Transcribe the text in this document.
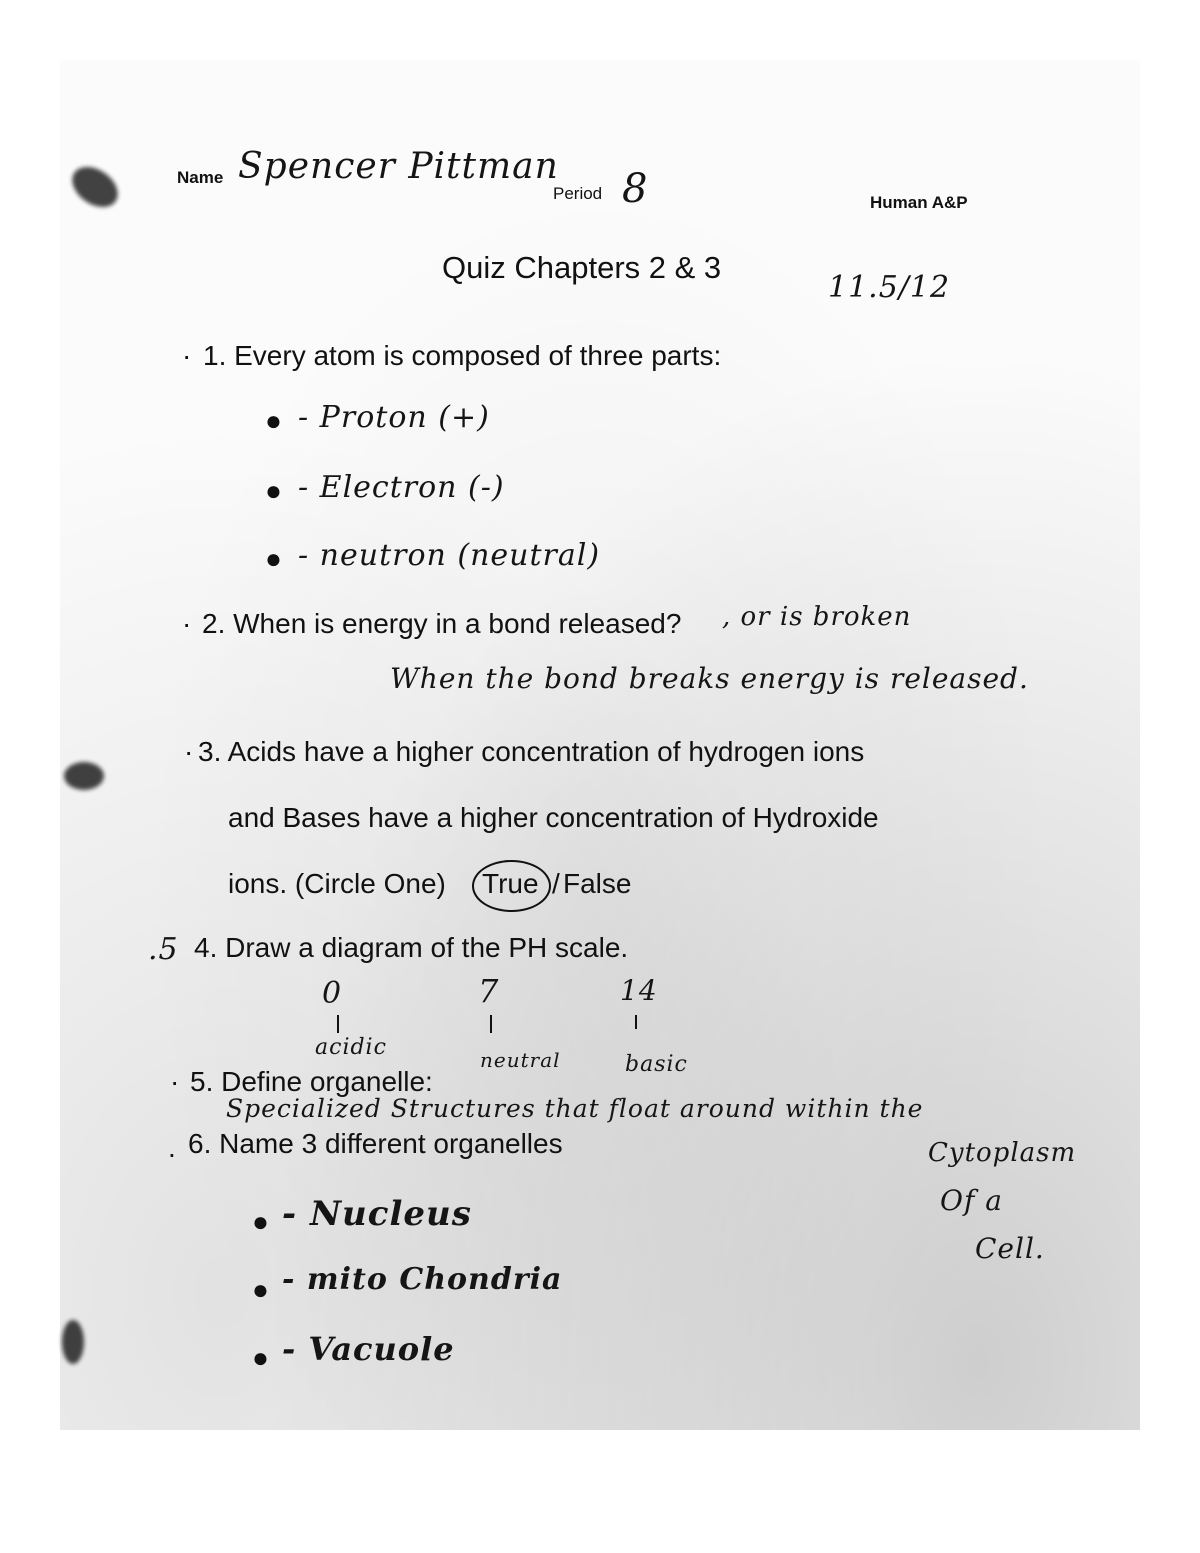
Name Spencer Pittman
Period 8	Human A&P
Quiz Chapters 2 & 3
11.5/12
· 1. Every atom is composed of three parts:
● - Proton (+)
● - Electron (-)
● - neutron (neutral)
· 2. When is energy in a bond released? , or is broken
When the bond breaks energy is released.
· 3. Acids have a higher concentration of hydrogen ions
and Bases have a higher concentration of Hydroxide
ions. (Circle One)	True / False
.5 4. Draw a diagram of the PH scale.
0	7	14
acidic	neutral	basic
· 5. Define organelle:
Specialized Structures that float around within the
Cytoplasm
Of a
Cell.
. 6. Name 3 different organelles
● - Nucleus
● - mito Chondria
● - Vacuole
